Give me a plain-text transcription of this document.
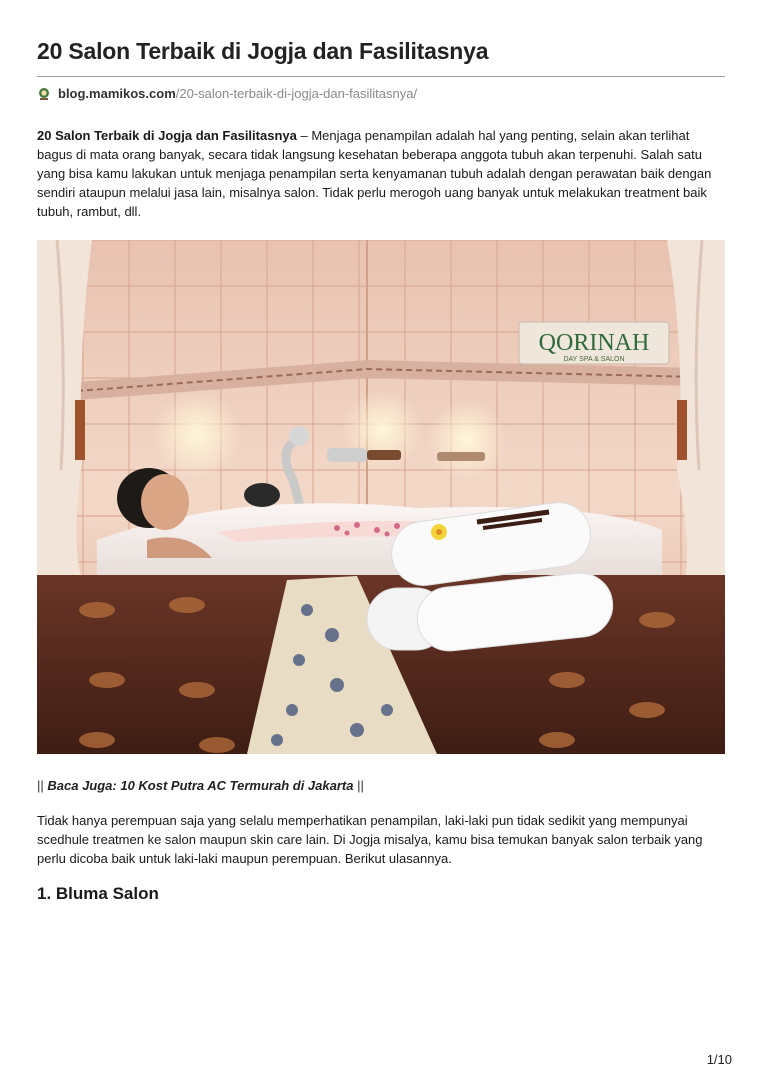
20 Salon Terbaik di Jogja dan Fasilitasnya
blog.mamikos.com /20-salon-terbaik-di-jogja-dan-fasilitasnya/

20 Salon Terbaik di Jogja dan Fasilitasnya – Menjaga penampilan adalah hal yang penting, selain akan terlihat bagus di mata orang banyak, secara tidak langsung kesehatan beberapa anggota tubuh akan terpenuhi. Salah satu yang bisa kamu lakukan untuk menjaga penampilan serta kenyamanan tubuh adalah dengan perawatan baik dengan sendiri ataupun melalui jasa lain, misalnya salon. Tidak perlu merogoh uang banyak untuk melakukan treatment baik tubuh, rambut, dll.

QORINAH
DAY SPA & SALON

|| Baca Juga: 10 Kost Putra AC Termurah di Jakarta ||

Tidak hanya perempuan saja yang selalu memperhatikan penampilan, laki-laki pun tidak sedikit yang mempunyai scedhule treatmen ke salon maupun skin care lain. Di Jogja misalya, kamu bisa temukan banyak salon terbaik yang perlu dicoba baik untuk laki-laki maupun perempuan. Berikut ulasannya.

1. Bluma Salon
1/10
